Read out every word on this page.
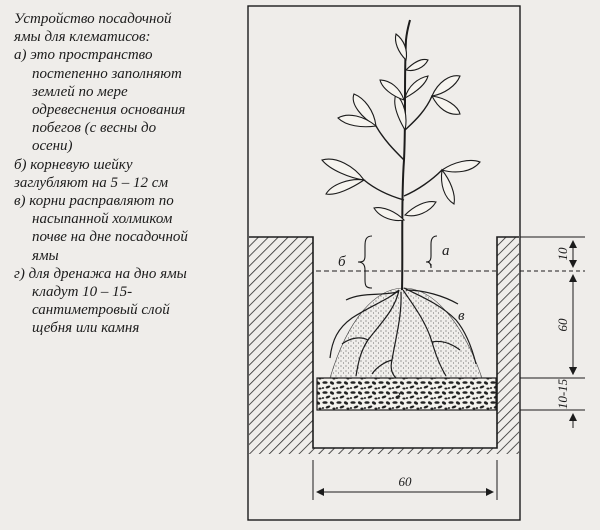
Устройство посадочной
ямы для клематисов:

а) это пространство
постепенно заполняют
землей по мере
одревеснения основания
побегов (с весны до
осени)

б) корневую шейку
заглубляют на 5 – 12 см

в) корни расправляют по
насыпанной холмиком
почве на дне посадочной
ямы

г) для дренажа на дно ямы
кладут 10 – 15-
сантиметровый слой
щебня или камня

а
б
в
г
10
60
10-15
60
